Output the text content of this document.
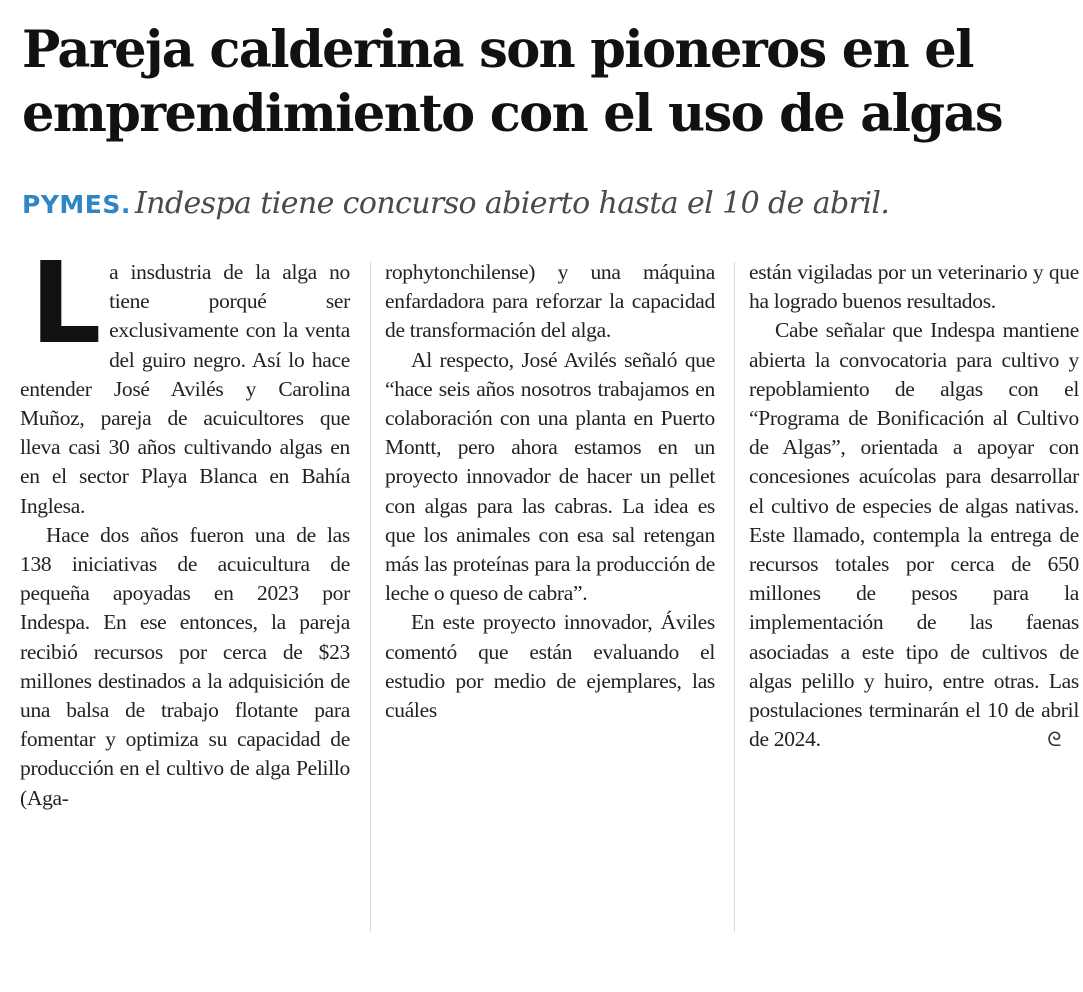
Pareja calderina son pioneros en el
emprendimiento con el uso de algas
PYMES. Indespa tiene concurso abierto hasta el 10 de abril.

La insdustria de la alga no tiene porqué ser exclusivamente con la venta del guiro negro. Así lo hace entender José Avilés y Carolina Muñoz, pareja de acuicultores que lleva casi 30 años cultivando algas en en el sector Playa Blanca en Bahía Inglesa.

Hace dos años fueron una de las 138 iniciativas de acuicultura de pequeña apoyadas en 2023 por Indespa. En ese entonces, la pareja recibió recursos por cerca de $23 millones destinados a la adquisición de una balsa de trabajo flotante para fomentar y optimiza su capacidad de producción en el cultivo de alga Pelillo (Aga-

rophytonchilense) y una máquina enfardadora para reforzar la capacidad de transformación del alga.

Al respecto, José Avilés señaló que “hace seis años nosotros trabajamos en colaboración con una planta en Puerto Montt, pero ahora estamos en un proyecto innovador de hacer un pellet con algas para las cabras. La idea es que los animales con esa sal retengan más las proteínas para la producción de leche o queso de cabra”.

En este proyecto innovador, Áviles comentó que están evaluando el estudio por medio de ejemplares, las cuáles

están vigiladas por un veterinario y que ha logrado buenos resultados.

Cabe señalar que Indespa mantiene abierta la convocatoria para cultivo y repoblamiento de algas con el “Programa de Bonificación al Cultivo de Algas”, orientada a apoyar con concesiones acuícolas para desarrollar el cultivo de especies de algas nativas. Este llamado, contempla la entrega de recursos totales por cerca de 650 millones de pesos para la implementación de las faenas asociadas a este tipo de cultivos de algas pelillo y huiro, entre otras. Las postulaciones terminarán el 10 de abril de 2024.	ᘓ
